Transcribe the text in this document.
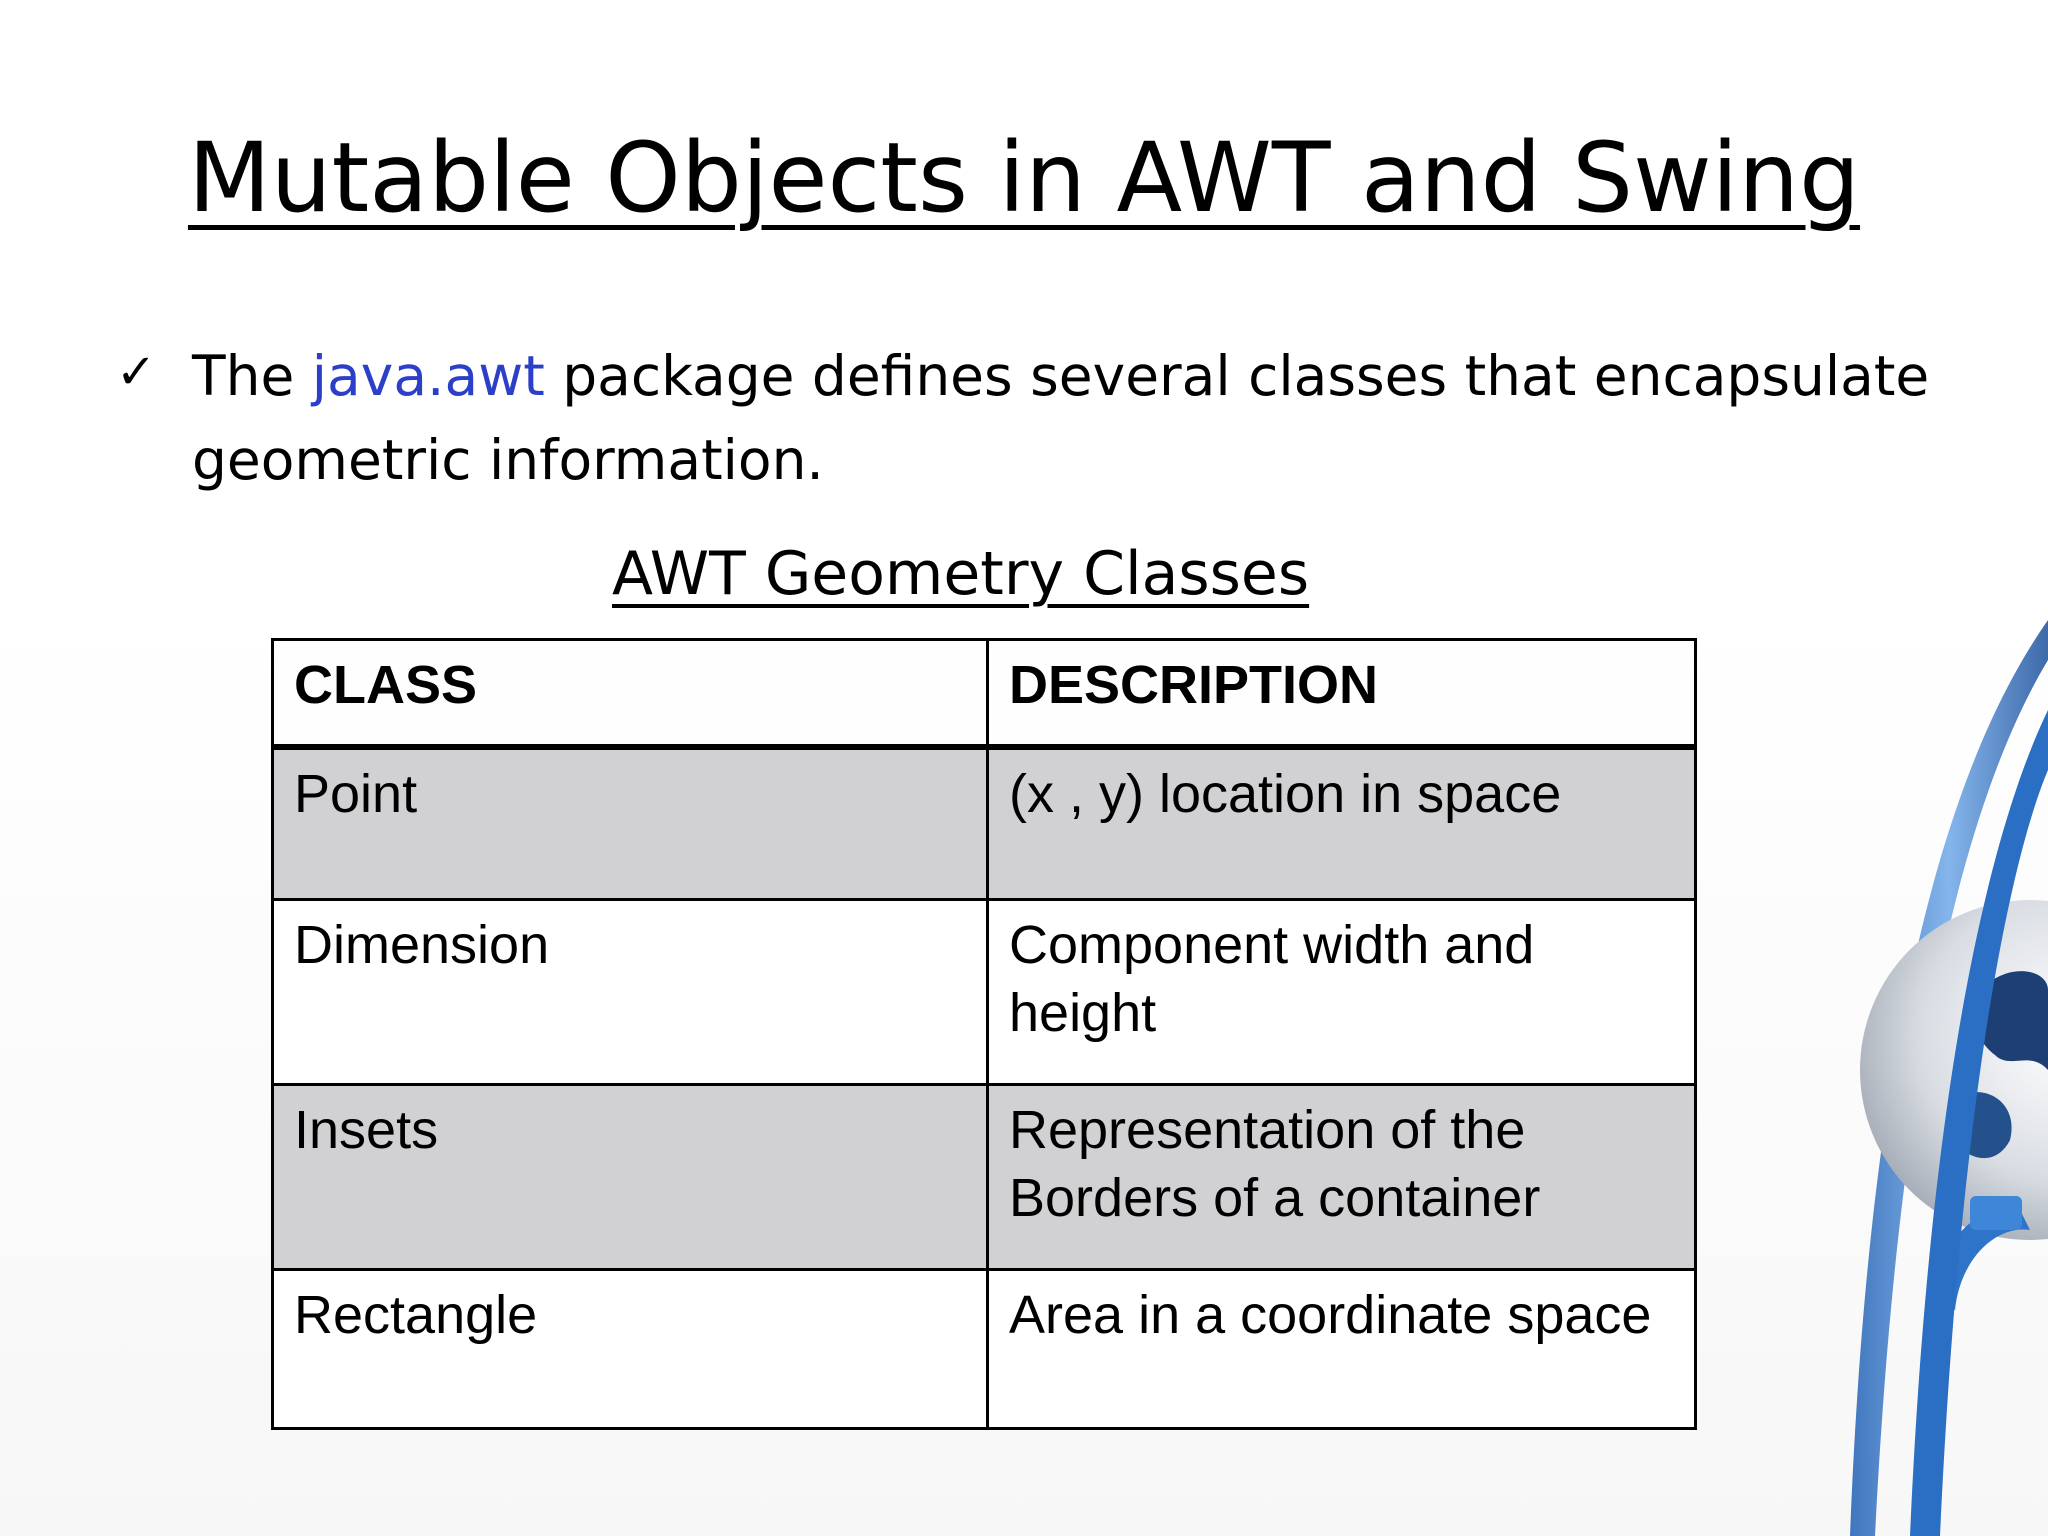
Mutable Objects in AWT and Swing
✓ The java.awt package defines several classes that encapsulate geometric information.
AWT Geometry Classes
CLASS	DESCRIPTION
Point	(x , y) location in space
Dimension	Component width and height
Insets	Representation of the Borders of a container
Rectangle	Area in a coordinate space
